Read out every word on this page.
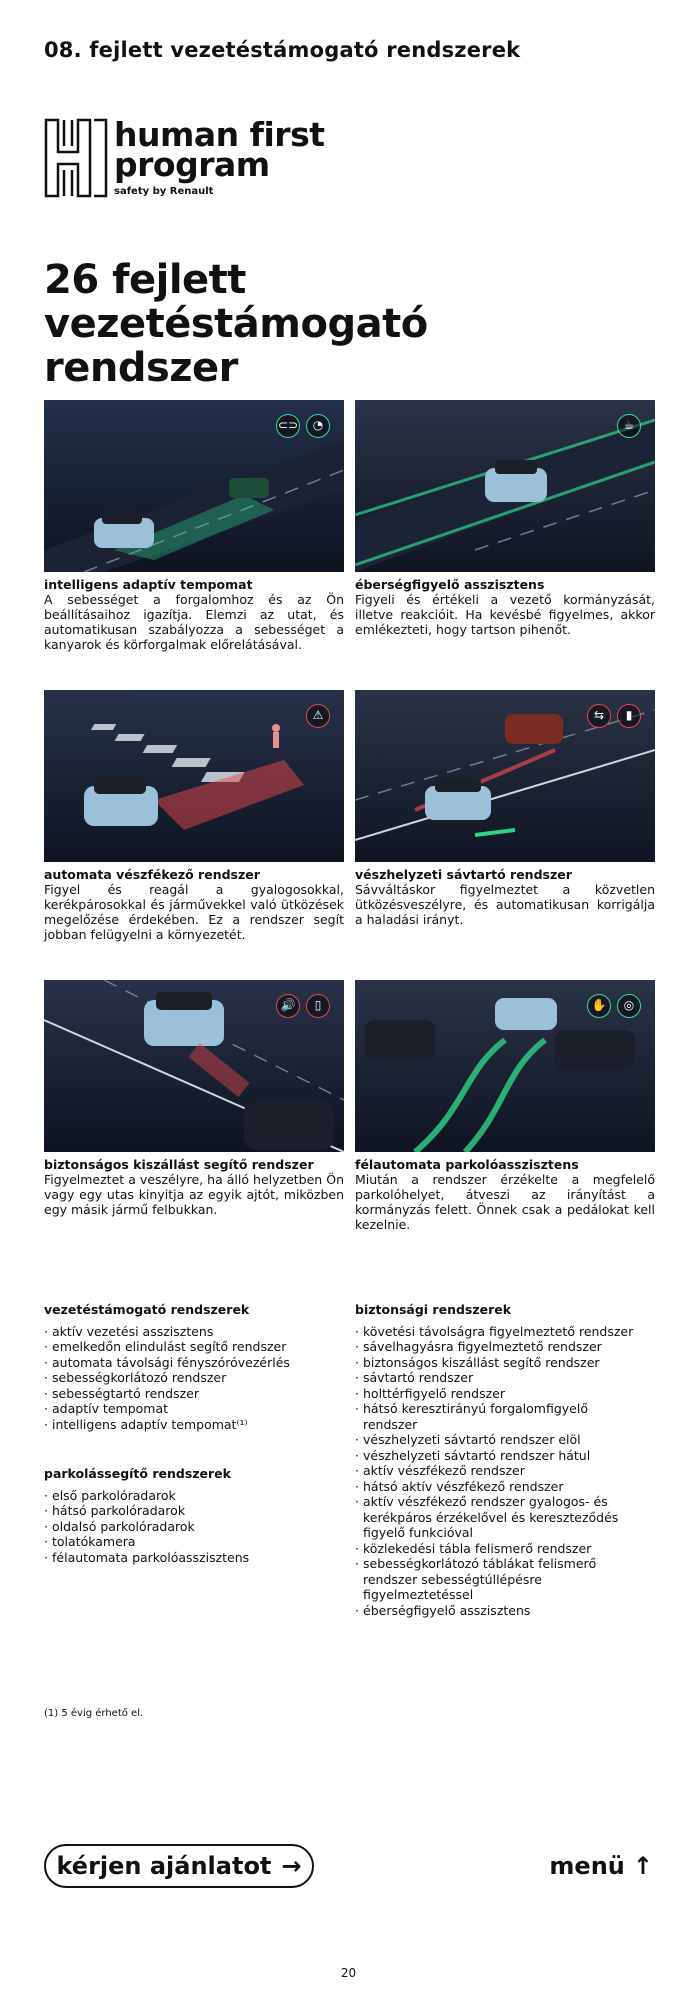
08. fejlett vezetéstámogató rendszerek
human first
program
safety by Renault
26 fejlett
vezetéstámogató
rendszer
⊂⊃	◔
intelligens adaptív tempomat
A sebességet a forgalomhoz és az Ön beállításaihoz igazítja. Elemzi az utat, és automatikusan szabályozza a sebességet a kanyarok és körforgalmak előrelátásával.
☕
éberségfigyelő asszisztens
Figyeli és értékeli a vezető kormányzását, illetve reakcióit. Ha kevésbé figyelmes, akkor emlékezteti, hogy tartson pihenőt.
⚠
automata vészfékező rendszer
Figyel és reagál a gyalogosokkal, kerékpárosokkal és járművekkel való ütközések megelőzése érdekében. Ez a rendszer segít jobban felügyelni a környezetét.
⇆	▮
vészhelyzeti sávtartó rendszer
Sávváltáskor figyelmeztet a közvetlen ütközésveszélyre, és automatikusan korrigálja a haladási irányt.
🔊	▯
biztonságos kiszállást segítő rendszer
Figyelmeztet a veszélyre, ha álló helyzetben Ön vagy egy utas kinyitja az egyik ajtót, miközben egy másik jármű felbukkan.
✋	◎
félautomata parkolóasszisztens
Miután a rendszer érzékelte a megfelelő parkolóhelyet, átveszi az irányítást a kormányzás felett. Önnek csak a pedálokat kell kezelnie.
vezetéstámogató rendszerek
· aktív vezetési asszisztens
· emelkedőn elindulást segítő rendszer
· automata távolsági fényszóróvezérlés
· sebességkorlátozó rendszer
· sebességtartó rendszer
· adaptív tempomat
· intelligens adaptív tempomat⁽¹⁾
parkolássegítő rendszerek
· első parkolóradarok
· hátsó parkolóradarok
· oldalsó parkolóradarok
· tolatókamera
· félautomata parkolóasszisztens
biztonsági rendszerek
· követési távolságra figyelmeztető rendszer
· sávelhagyásra figyelmeztető rendszer
· biztonságos kiszállást segítő rendszer
· sávtartó rendszer
· holttérfigyelő rendszer
· hátsó keresztirányú forgalomfigyelő rendszer
· vészhelyzeti sávtartó rendszer elöl
· vészhelyzeti sávtartó rendszer hátul
· aktív vészfékező rendszer
· hátsó aktív vészfékező rendszer
· aktív vészfékező rendszer gyalogos- és kerékpáros érzékelővel és kereszteződés figyelő funkcióval
· közlekedési tábla felismerő rendszer
· sebességkorlátozó táblákat felismerő rendszer sebességtúllépésre figyelmeztetéssel
· éberségfigyelő asszisztens
(1) 5 évig érhető el.
kérjen ajánlatot →	menü ↑
20
